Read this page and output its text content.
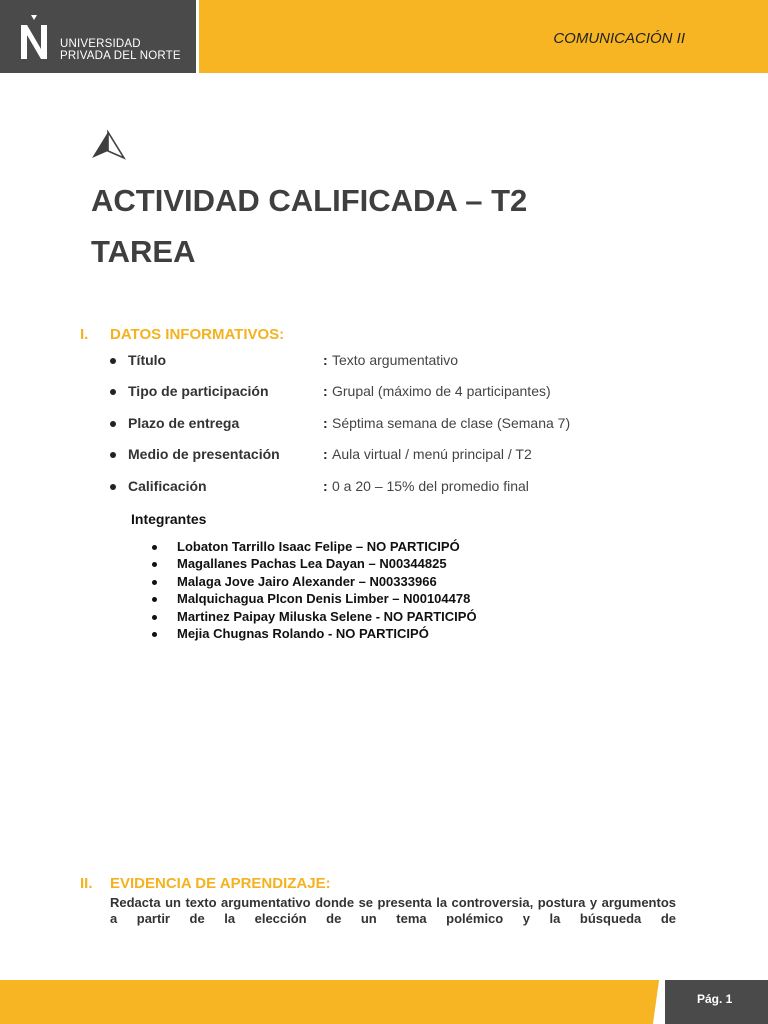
UNIVERSIDAD
PRIVADA DEL NORTE
COMUNICACIÓN II
ACTIVIDAD CALIFICADA – T2
TAREA
I. DATOS INFORMATIVOS:
Título	: Texto argumentativo
Tipo de participación	: Grupal (máximo de 4 participantes)
Plazo de entrega	: Séptima semana de clase (Semana 7)
Medio de presentación	: Aula virtual / menú principal / T2
Calificación	: 0 a 20 – 15% del promedio final
Integrantes
Lobaton Tarrillo Isaac Felipe – NO PARTICIPÓ
Magallanes Pachas Lea Dayan – N00344825
Malaga Jove Jairo Alexander – N00333966
Malquichagua PIcon Denis Limber – N00104478
Martinez Paipay Miluska Selene - NO PARTICIPÓ
Mejia Chugnas Rolando - NO PARTICIPÓ
II. EVIDENCIA DE APRENDIZAJE:
Redacta un texto argumentativo donde se presenta la controversia, postura y argumentos a partir de la elección de un tema polémico y la búsqueda de
Pág. 1
